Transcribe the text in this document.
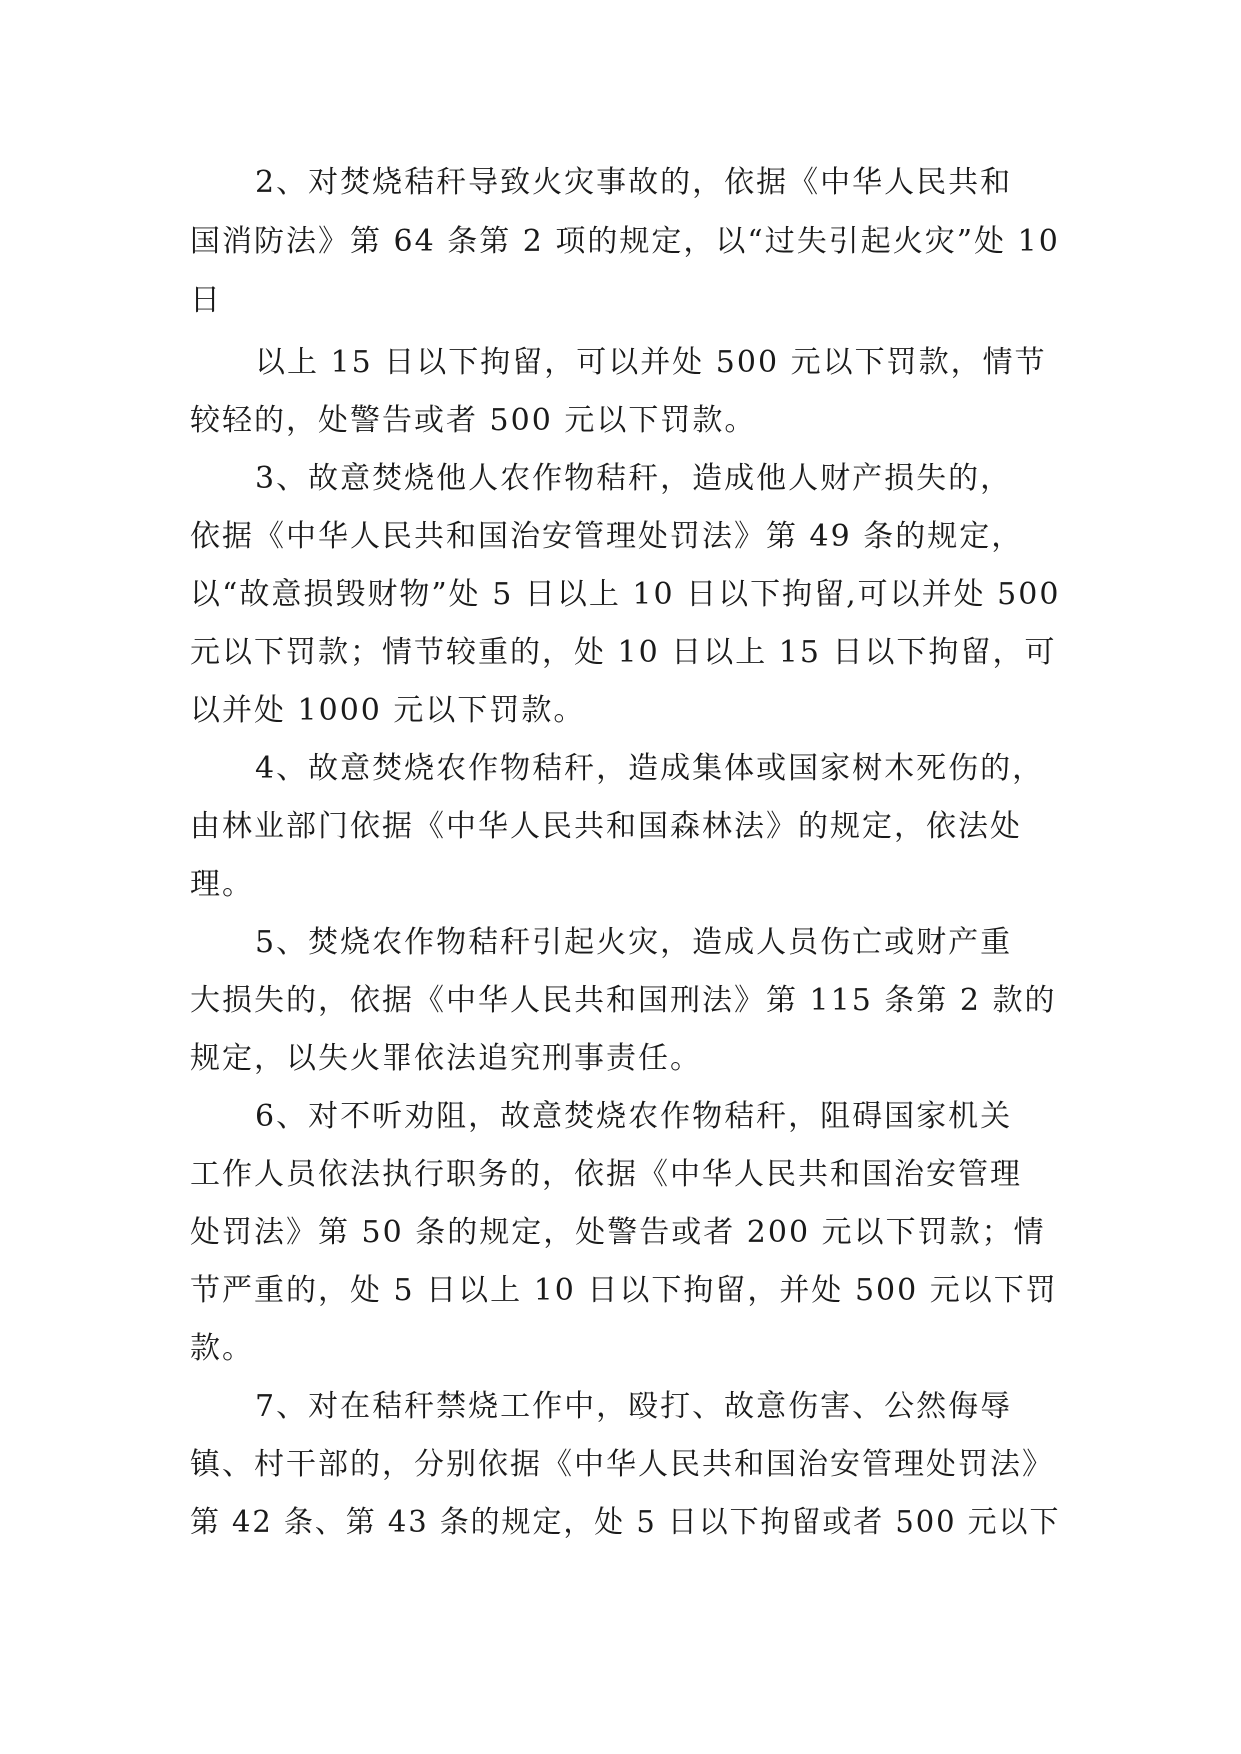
2、对焚烧秸秆导致火灾事故的，依据《中华人民共和
国消防法》第 64 条第 2 项的规定，以“过失引起火灾”处 10
日
以上 15 日以下拘留，可以并处 500 元以下罚款，情节
较轻的，处警告或者 500 元以下罚款。
3、故意焚烧他人农作物秸秆，造成他人财产损失的，
依据《中华人民共和国治安管理处罚法》第 49 条的规定，
以“故意损毁财物”处 5 日以上 10 日以下拘留,可以并处 500
元以下罚款；情节较重的，处 10 日以上 15 日以下拘留，可
以并处 1000 元以下罚款。
4、故意焚烧农作物秸秆，造成集体或国家树木死伤的，
由林业部门依据《中华人民共和国森林法》的规定，依法处
理。
5、焚烧农作物秸秆引起火灾，造成人员伤亡或财产重
大损失的，依据《中华人民共和国刑法》第 115 条第 2 款的
规定，以失火罪依法追究刑事责任。
6、对不听劝阻，故意焚烧农作物秸秆，阻碍国家机关
工作人员依法执行职务的，依据《中华人民共和国治安管理
处罚法》第 50 条的规定，处警告或者 200 元以下罚款；情
节严重的，处 5 日以上 10 日以下拘留，并处 500 元以下罚
款。
7、对在秸秆禁烧工作中，殴打、故意伤害、公然侮辱
镇、村干部的，分别依据《中华人民共和国治安管理处罚法》
第 42 条、第 43 条的规定，处 5 日以下拘留或者 500 元以下
